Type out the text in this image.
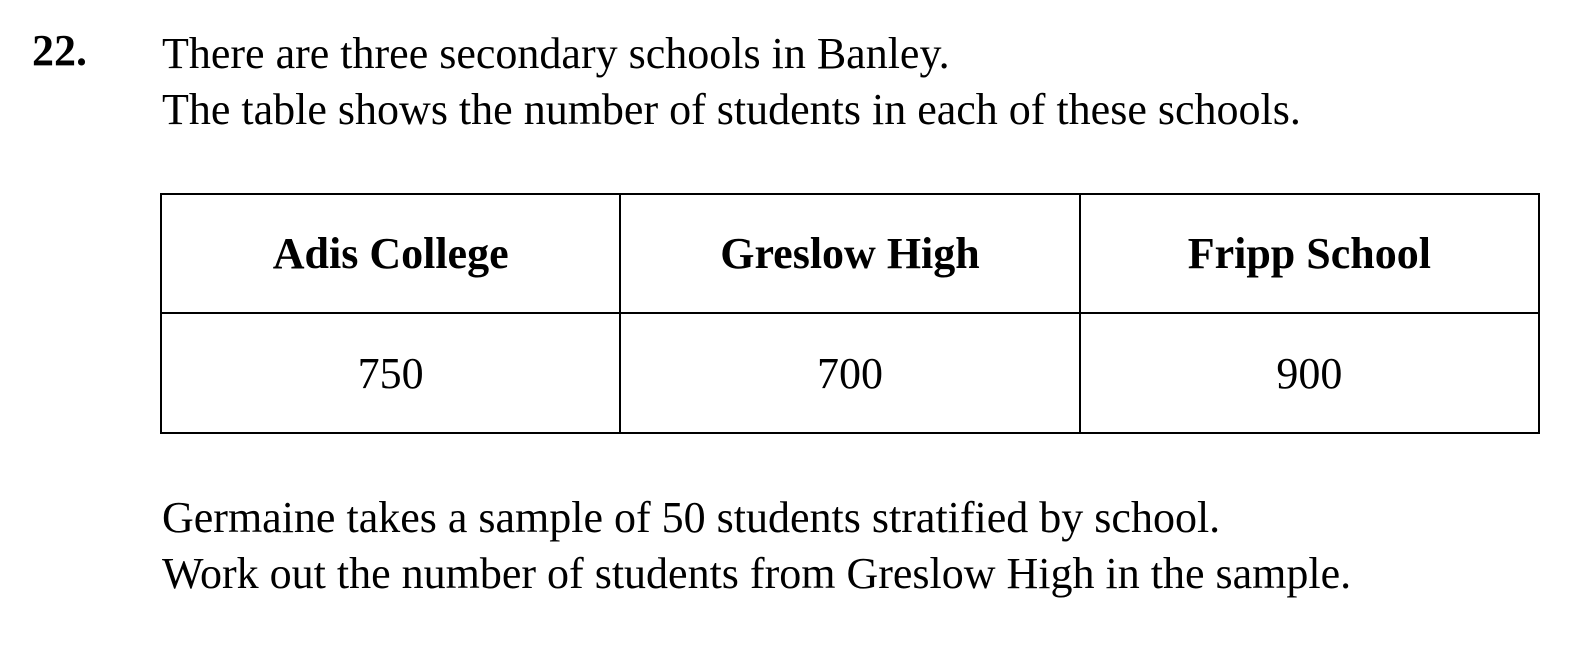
22. There are three secondary schools in Banley.
The table shows the number of students in each of these schools.
Adis College	Greslow High	Fripp School
750	700	900
Germaine takes a sample of 50 students stratified by school.
Work out the number of students from Greslow High in the sample.
